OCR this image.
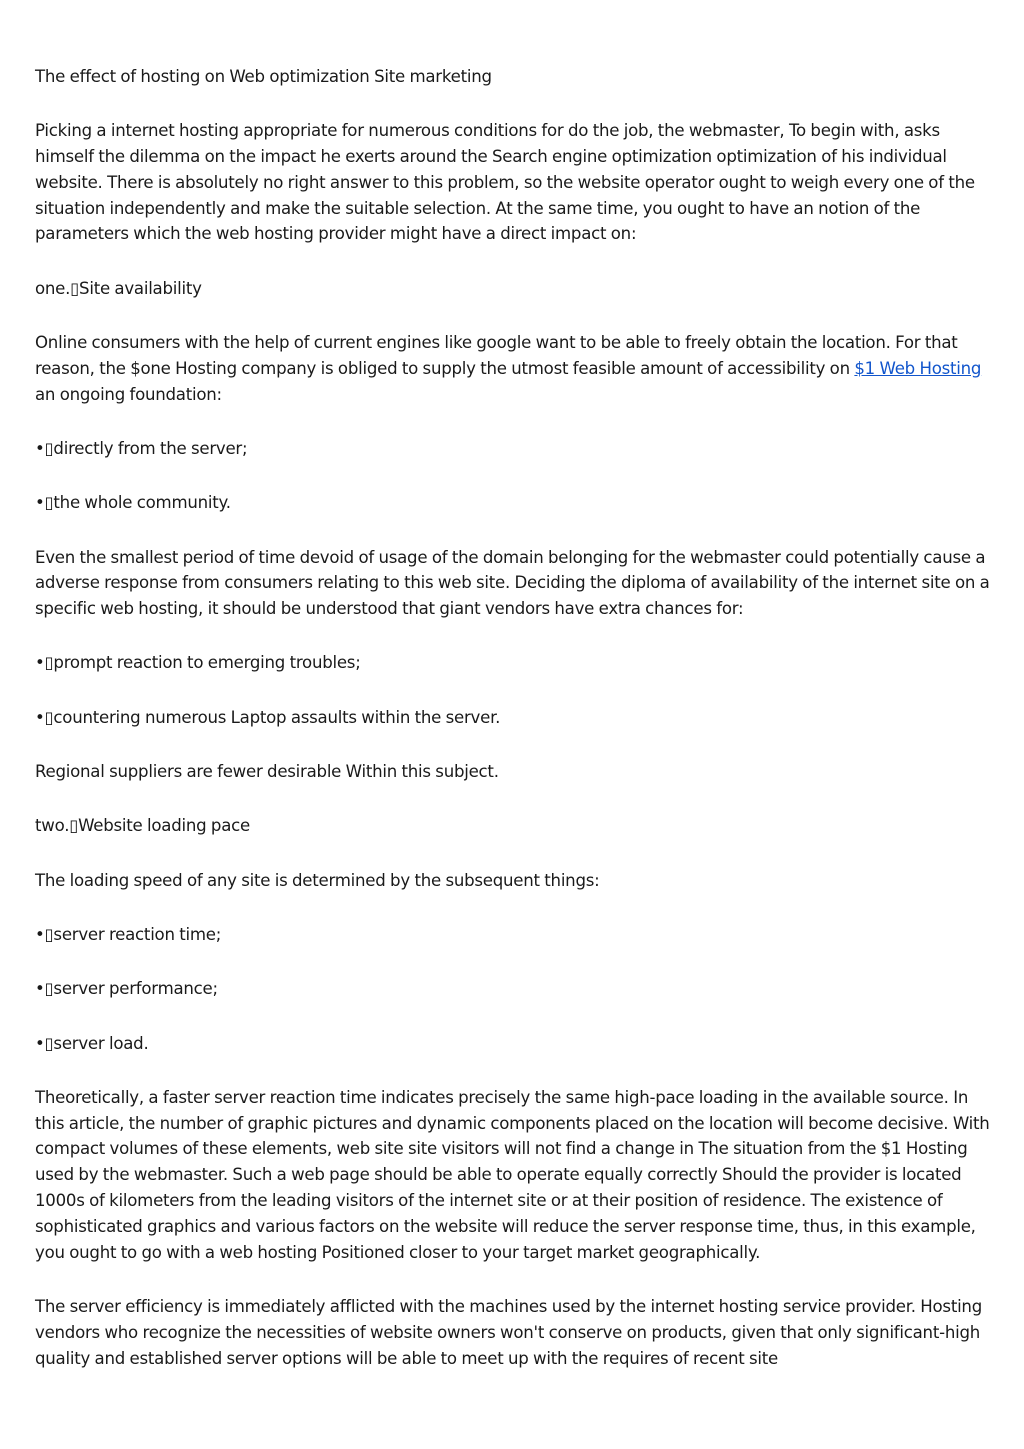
The effect of hosting on Web optimization Site marketing

Picking a internet hosting appropriate for numerous conditions for do the job, the webmaster, To begin with, asks himself the dilemma on the impact he exerts around the Search engine optimization optimization of his individual website. There is absolutely no right answer to this problem, so the website operator ought to weigh every one of the situation independently and make the suitable selection. At the same time, you ought to have an notion of the parameters which the web hosting provider might have a direct impact on:

one.▯Site availability

Online consumers with the help of current engines like google want to be able to freely obtain the location. For that reason, the $one Hosting company is obliged to supply the utmost feasible amount of accessibility on $1 Web Hosting an ongoing foundation:

•▯directly from the server;

•▯the whole community.

Even the smallest period of time devoid of usage of the domain belonging for the webmaster could potentially cause a adverse response from consumers relating to this web site. Deciding the diploma of availability of the internet site on a specific web hosting, it should be understood that giant vendors have extra chances for:

•▯prompt reaction to emerging troubles;

•▯countering numerous Laptop assaults within the server.

Regional suppliers are fewer desirable Within this subject.

two.▯Website loading pace

The loading speed of any site is determined by the subsequent things:

•▯server reaction time;

•▯server performance;

•▯server load.

Theoretically, a faster server reaction time indicates precisely the same high-pace loading in the available source. In this article, the number of graphic pictures and dynamic components placed on the location will become decisive. With compact volumes of these elements, web site site visitors will not find a change in The situation from the $1 Hosting used by the webmaster. Such a web page should be able to operate equally correctly Should the provider is located 1000s of kilometers from the leading visitors of the internet site or at their position of residence. The existence of sophisticated graphics and various factors on the website will reduce the server response time, thus, in this example, you ought to go with a web hosting Positioned closer to your target market geographically.

The server efficiency is immediately afflicted with the machines used by the internet hosting service provider. Hosting vendors who recognize the necessities of website owners won't conserve on products, given that only significant-high quality and established server options will be able to meet up with the requires of recent site
